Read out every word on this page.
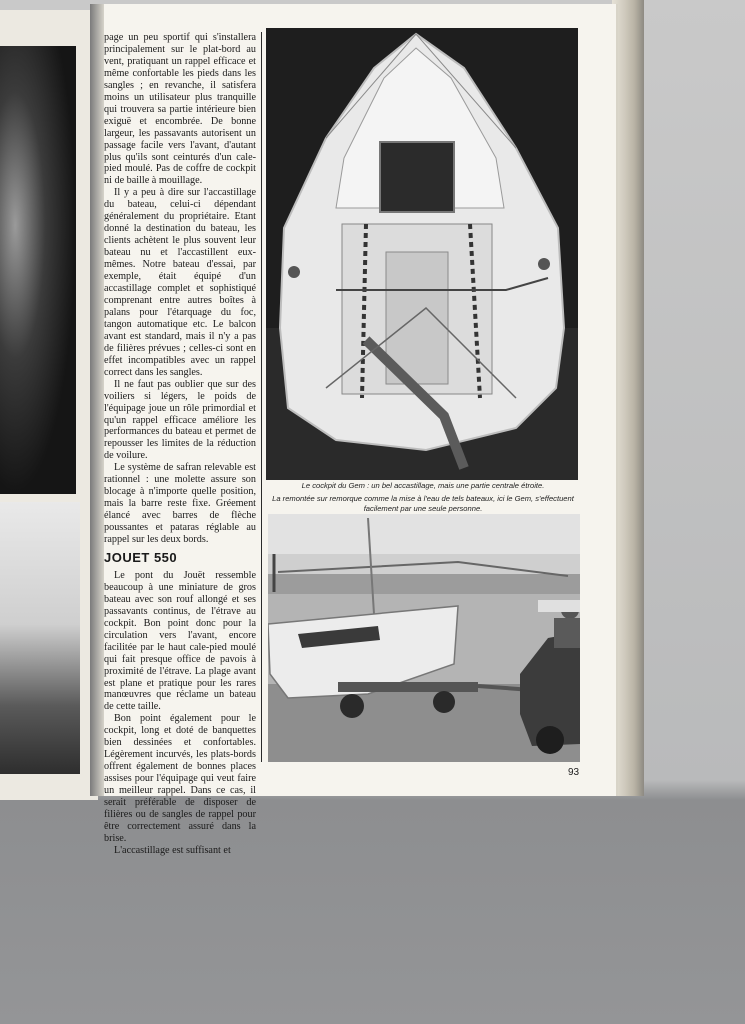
page un peu sportif qui s'installera principalement sur le plat-bord au vent, pratiquant un rappel efficace et même confortable les pieds dans les sangles ; en revanche, il satisfera moins un utilisateur plus tranquille qui trouvera sa partie intérieure bien exiguë et encombrée. De bonne largeur, les passavants autorisent un passage facile vers l'avant, d'autant plus qu'ils sont ceinturés d'un cale-pied moulé. Pas de coffre de cockpit ni de baille à mouillage.

Il y a peu à dire sur l'accastillage du bateau, celui-ci dépendant généralement du propriétaire. Etant donné la destination du bateau, les clients achètent le plus souvent leur bateau nu et l'accastillent eux-mêmes. Notre bateau d'essai, par exemple, était équipé d'un accastillage complet et sophistiqué comprenant entre autres boîtes à palans pour l'étarquage du foc, tangon automatique etc. Le balcon avant est standard, mais il n'y a pas de filières prévues ; celles-ci sont en effet incompatibles avec un rappel correct dans les sangles.

Il ne faut pas oublier que sur des voiliers si légers, le poids de l'équipage joue un rôle primordial et qu'un rappel efficace améliore les performances du bateau et permet de repousser les limites de la réduction de voilure.

Le système de safran relevable est rationnel : une molette assure son blocage à n'importe quelle position, mais la barre reste fixe. Gréement élancé avec barres de flèche poussantes et pataras réglable au rappel sur les deux bords.

JOUET 550

Le pont du Jouët ressemble beaucoup à une miniature de gros bateau avec son rouf allongé et ses passavants continus, de l'étrave au cockpit. Bon point donc pour la circulation vers l'avant, encore facilitée par le haut cale-pied moulé qui fait presque office de pavois à proximité de l'étrave. La plage avant est plane et pratique pour les rares manœuvres que réclame un bateau de cette taille.

Bon point également pour le cockpit, long et doté de banquettes bien dessinées et confortables. Légèrement incurvés, les plats-bords offrent également de bonnes places assises pour l'équipage qui veut faire un meilleur rappel. Dans ce cas, il serait préférable de disposer de filières ou de sangles de rappel pour être correctement assuré dans la brise.

L'accastillage est suffisant et

Le cockpit du Gem : un bel accastillage, mais une partie centrale étroite.
La remontée sur remorque comme la mise à l'eau de tels bateaux, ici le Gem, s'effectuent facilement par une seule personne.
93
